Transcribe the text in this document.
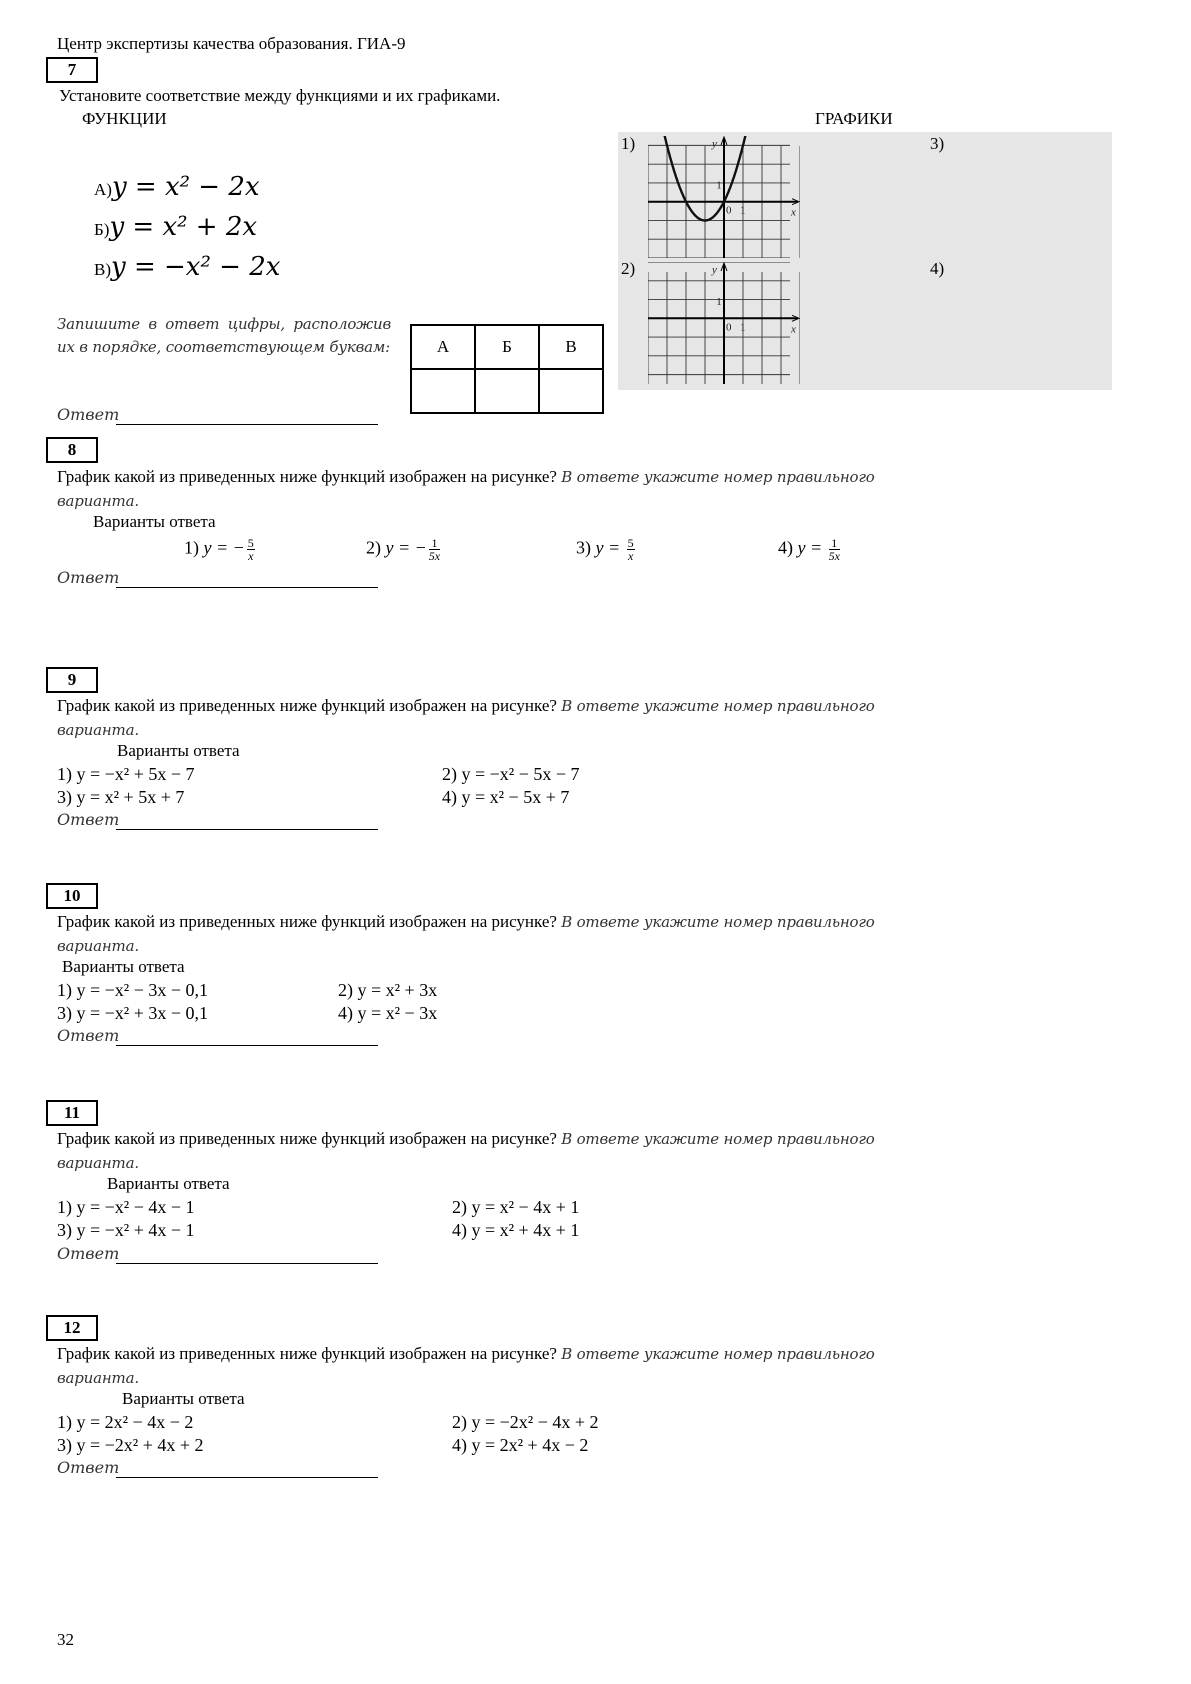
Центр экспертизы качества образования. ГИА-9
7
Установите соответствие между функциями и их графиками.
ФУНКЦИИ	ГРАФИКИ
А)y = x² − 2x
Б)y = x² + 2x
В)y = −x² − 2x
Запишите в ответ цифры, расположив их в порядке, соответствующем буквам:	А	Б	В

Ответ
1)
2)
3)
4)
x
y
0 1
1
x
y
0 1
1
8
График какой из приведенных ниже функций изображен на рисунке? В ответе укажите номер правильного варианта.
Варианты ответа
1) y = − $\frac{5}{x}$	2) y = − $\frac{1}{5x}$	3) $y = \frac{5}{x}$	4) $y = \frac{1}{5x}$
Ответ
9
График какой из приведенных ниже функций изображен на рисунке? В ответе укажите номер правильного варианта.
Варианты ответа
1) y = −x² + 5x − 7	2) y = −x² − 5x − 7
3) y = x² + 5x + 7	4) y = x² − 5x + 7
Ответ
10
График какой из приведенных ниже функций изображен на рисунке? В ответе укажите номер правильного варианта.
Варианты ответа
1) y = −x² − 3x − 0,1	2) y = x² + 3x
3) y = −x² + 3x − 0,1	4) y = x² − 3x
Ответ
11
График какой из приведенных ниже функций изображен на рисунке? В ответе укажите номер правильного варианта.
Варианты ответа
1) y = −x² − 4x − 1	2) y = x² − 4x + 1
3) y = −x² + 4x − 1	4) y = x² + 4x + 1
Ответ
12
График какой из приведенных ниже функций изображен на рисунке? В ответе укажите номер правильного варианта.
Варианты ответа
1) y = 2x² − 4x − 2	2) y = −2x² − 4x + 2
3) y = −2x² + 4x + 2	4) y = 2x² + 4x − 2
Ответ
32
